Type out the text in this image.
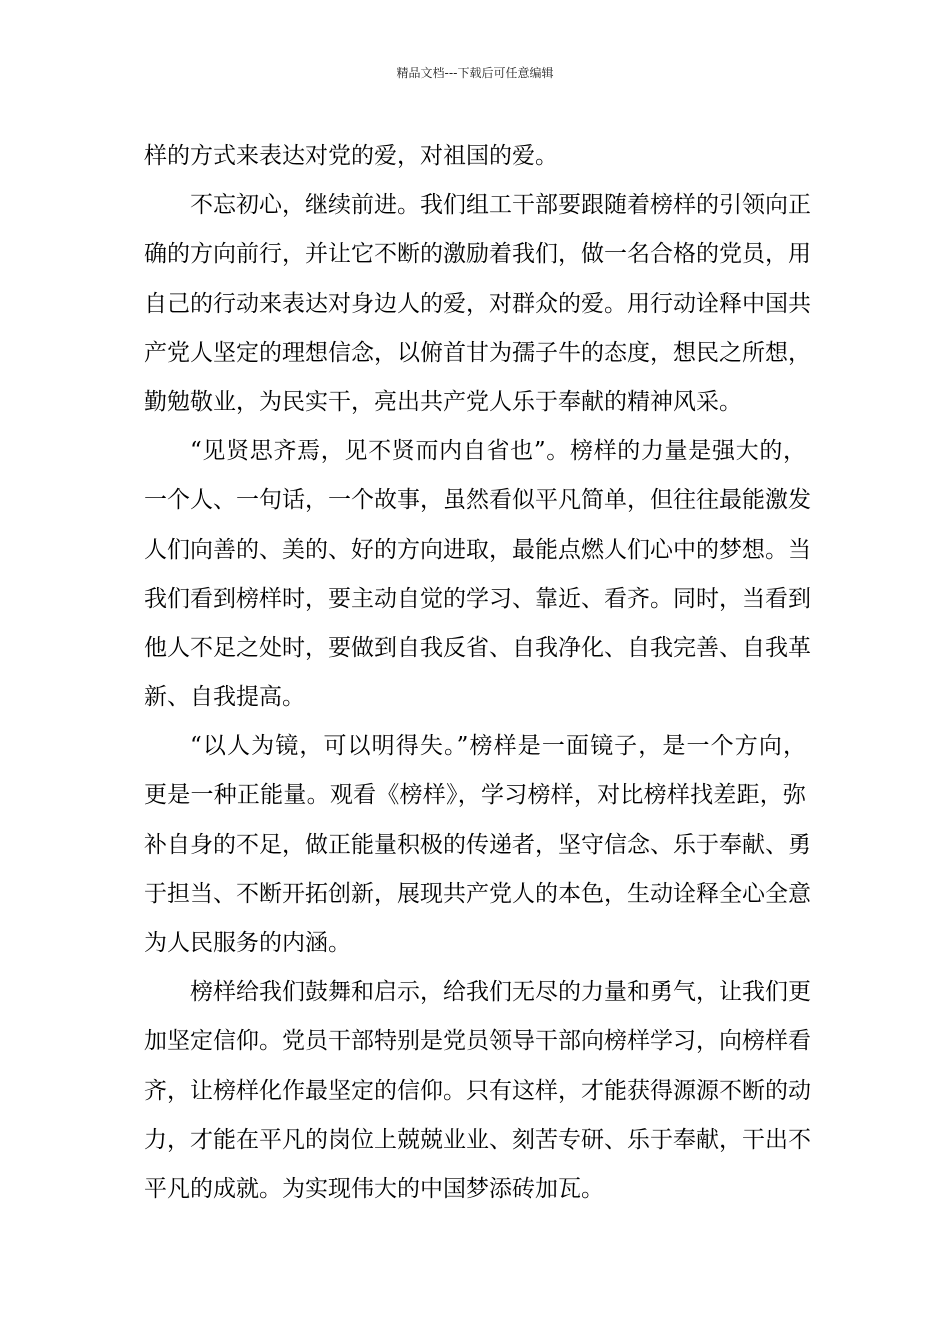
精品文档---下载后可任意编辑
样的方式来表达对党的爱，对祖国的爱。
不忘初心，继续前进。我们组工干部要跟随着榜样的引领向正
确的方向前行，并让它不断的激励着我们，做一名合格的党员，用
自己的行动来表达对身边人的爱，对群众的爱。用行动诠释中国共
产党人坚定的理想信念，以俯首甘为孺子牛的态度，想民之所想，
勤勉敬业，为民实干，亮出共产党人乐于奉献的精神风采。
“见贤思齐焉，见不贤而内自省也”。榜样的力量是强大的，
一个人、一句话，一个故事，虽然看似平凡简单，但往往最能激发
人们向善的、美的、好的方向进取，最能点燃人们心中的梦想。当
我们看到榜样时，要主动自觉的学习、靠近、看齐。同时，当看到
他人不足之处时，要做到自我反省、自我净化、自我完善、自我革
新、自我提高。
“以人为镜，可以明得失。”榜样是一面镜子，是一个方向，
更是一种正能量。观看《榜样》，学习榜样，对比榜样找差距，弥
补自身的不足，做正能量积极的传递者，坚守信念、乐于奉献、勇
于担当、不断开拓创新，展现共产党人的本色，生动诠释全心全意
为人民服务的内涵。
榜样给我们鼓舞和启示，给我们无尽的力量和勇气，让我们更
加坚定信仰。党员干部特别是党员领导干部向榜样学习，向榜样看
齐，让榜样化作最坚定的信仰。只有这样，才能获得源源不断的动
力，才能在平凡的岗位上兢兢业业、刻苦专研、乐于奉献，干出不
平凡的成就。为实现伟大的中国梦添砖加瓦。
